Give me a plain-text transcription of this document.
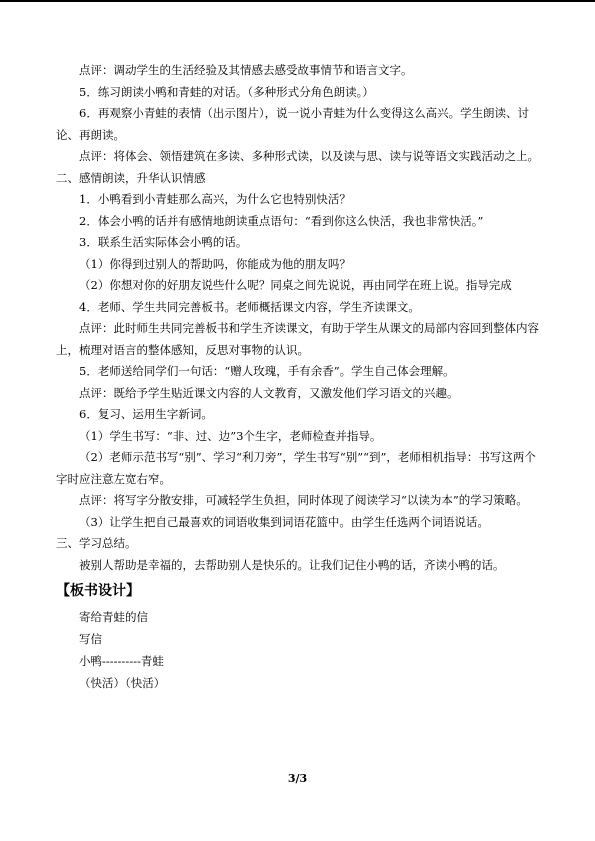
点评：调动学生的生活经验及其情感去感受故事情节和语言文字。

5．练习朗读小鸭和青蛙的对话。（多种形式分角色朗读。）

6．再观察小青蛙的表情（出示图片），说一说小青蛙为什么变得这么高兴。学生朗读、讨论、再朗读。

点评：将体会、领悟建筑在多读、多种形式读，以及读与思、读与说等语文实践活动之上。

二、感情朗读，升华认识情感

1．小鸭看到小青蛙那么高兴，为什么它也特别快活？

2．体会小鸭的话并有感情地朗读重点语句：“看到你这么快活，我也非常快活。”

3．联系生活实际体会小鸭的话。

（1）你得到过别人的帮助吗，你能成为他的朋友吗？

（2）你想对你的好朋友说些什么呢？同桌之间先说说，再由同学在班上说。指导完成

4．老师、学生共同完善板书。老师概括课文内容，学生齐读课文。

点评：此时师生共同完善板书和学生齐读课文，有助于学生从课文的局部内容回到整体内容上，梳理对语言的整体感知，反思对事物的认识。

5．老师送给同学们一句话：“赠人玫瑰，手有余香”。学生自己体会理解。

点评：既给予学生贴近课文内容的人文教育，又激发他们学习语文的兴趣。

6．复习、运用生字新词。

（1）学生书写：“非、过、边”3个生字，老师检查并指导。

（2）老师示范书写“别”、学习“利刀旁”，学生书写“别”“到”，老师相机指导：书写这两个字时应注意左宽右窄。

点评：将写字分散安排，可减轻学生负担，同时体现了阅读学习“以读为本”的学习策略。

（3）让学生把自己最喜欢的词语收集到词语花篮中。由学生任选两个词语说话。

三、学习总结。

被别人帮助是幸福的，去帮助别人是快乐的。让我们记住小鸭的话，齐读小鸭的话。

【板书设计】

寄给青蛙的信

写信

小鸭----------青蛙

（快活）（快活）

3/3
